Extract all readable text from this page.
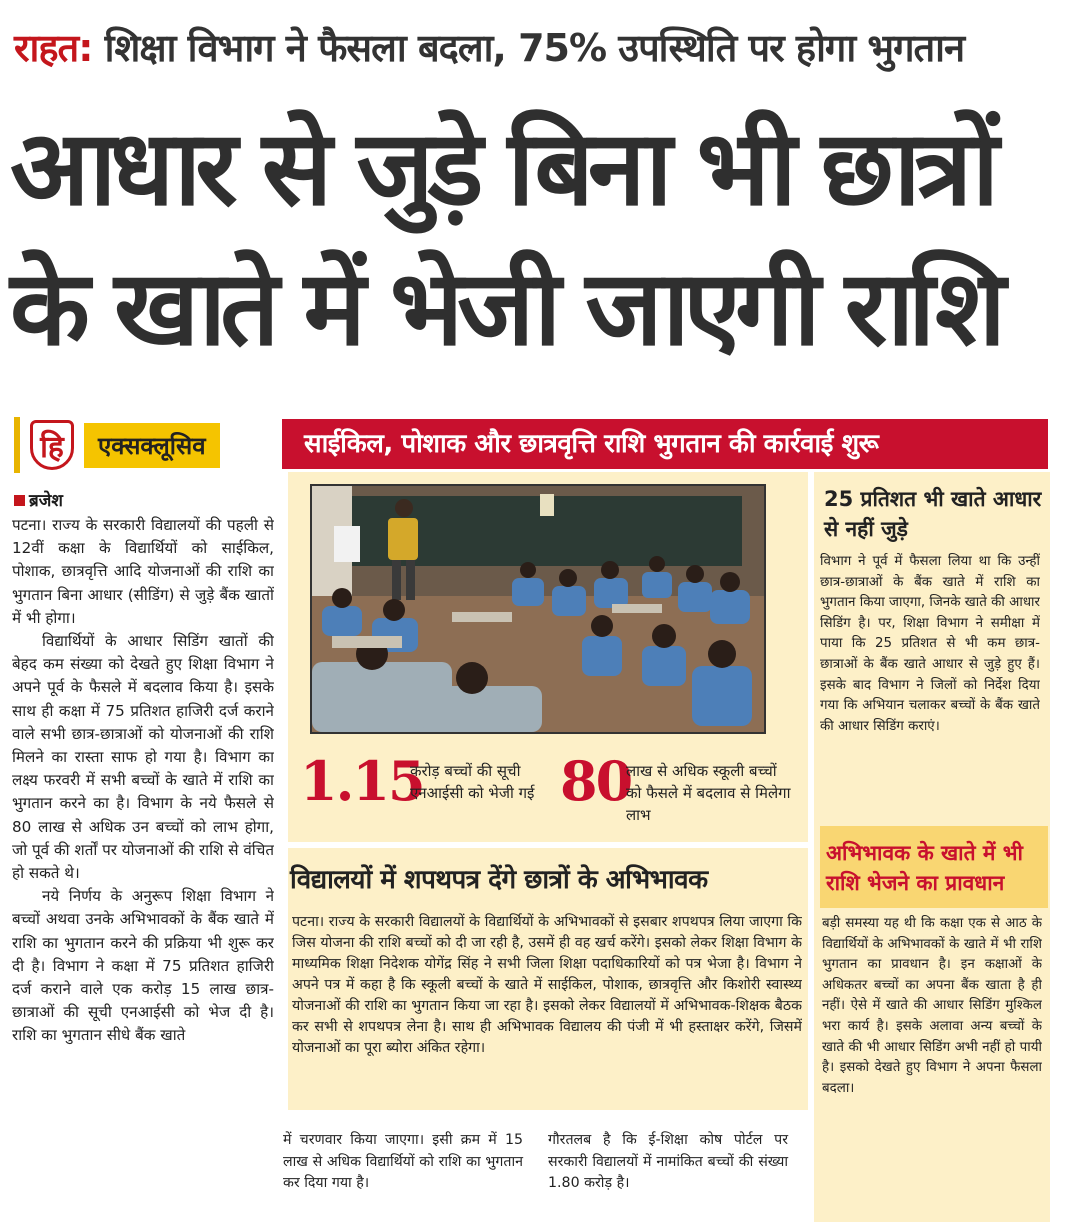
राहत: शिक्षा विभाग ने फैसला बदला, 75% उपस्थिति पर होगा भुगतान
आधार से जुड़े बिना भी छात्रों
के खाते में भेजी जाएगी राशि
हि	एक्सक्लूसिव
ब्रजेश

पटना। राज्य के सरकारी विद्यालयों की पहली से 12वीं कक्षा के विद्यार्थियों को साईकिल, पोशाक, छात्रवृत्ति आदि योजनाओं की राशि का भुगतान बिना आधार (सीडिंग) से जुड़े बैंक खातों में भी होगा।

विद्यार्थियों के आधार सिडिंग खातों की बेहद कम संख्या को देखते हुए शिक्षा विभाग ने अपने पूर्व के फैसले में बदलाव किया है। इसके साथ ही कक्षा में 75 प्रतिशत हाजिरी दर्ज कराने वाले सभी छात्र-छात्राओं को योजनाओं की राशि मिलने का रास्ता साफ हो गया है। विभाग का लक्ष्य फरवरी में सभी बच्चों के खाते में राशि का भुगतान करने का है। विभाग के नये फैसले से 80 लाख से अधिक उन बच्चों को लाभ होगा, जो पूर्व की शर्तों पर योजनाओं की राशि से वंचित हो सकते थे।

नये निर्णय के अनुरूप शिक्षा विभाग ने बच्चों अथवा उनके अभिभावकों के बैंक खाते में राशि का भुगतान करने की प्रक्रिया भी शुरू कर दी है। विभाग ने कक्षा में 75 प्रतिशत हाजिरी दर्ज कराने वाले एक करोड़ 15 लाख छात्र-छात्राओं की सूची एनआईसी को भेज दी है। राशि का भुगतान सीधे बैंक खाते

साईकिल, पोशाक और छात्रवृत्ति राशि भुगतान की कार्रवाई शुरू
1.15
करोड़ बच्चों की सूची एनआईसी को भेजी गई 80
लाख से अधिक स्कूली बच्चों को फैसले में बदलाव से मिलेगा लाभ
विद्यालयों में शपथपत्र देंगे छात्रों के अभिभावक

पटना। राज्य के सरकारी विद्यालयों के विद्यार्थियों के अभिभावकों से इसबार शपथपत्र लिया जाएगा कि जिस योजना की राशि बच्चों को दी जा रही है, उसमें ही वह खर्च करेंगे। इसको लेकर शिक्षा विभाग के माध्यमिक शिक्षा निदेशक योगेंद्र सिंह ने सभी जिला शिक्षा पदाधिकारियों को पत्र भेजा है। विभाग ने अपने पत्र में कहा है कि स्कूली बच्चों के खाते में साईकिल, पोशाक, छात्रवृत्ति और किशोरी स्वास्थ्य योजनाओं की राशि का भुगतान किया जा रहा है। इसको लेकर विद्यालयों में अभिभावक-शिक्षक बैठक कर सभी से शपथपत्र लेना है। साथ ही अभिभावक विद्यालय की पंजी में भी हस्ताक्षर करेंगे, जिसमें योजनाओं का पूरा ब्योरा अंकित रहेगा।

में चरणवार किया जाएगा। इसी क्रम में 15 लाख से अधिक विद्यार्थियों को राशि का भुगतान कर दिया गया है।

गौरतलब है कि ई-शिक्षा कोष पोर्टल पर सरकारी विद्यालयों में नामांकित बच्चों की संख्या 1.80 करोड़ है।

25 प्रतिशत भी खाते आधार से नहीं जुड़े

विभाग ने पूर्व में फैसला लिया था कि उन्हीं छात्र-छात्राओं के बैंक खाते में राशि का भुगतान किया जाएगा, जिनके खाते की आधार सिडिंग है। पर, शिक्षा विभाग ने समीक्षा में पाया कि 25 प्रतिशत से भी कम छात्र-छात्राओं के बैंक खाते आधार से जुड़े हुए हैं। इसके बाद विभाग ने जिलों को निर्देश दिया गया कि अभियान चलाकर बच्चों के बैंक खाते की आधार सिडिंग कराएं।

अभिभावक के खाते में भी राशि भेजने का प्रावधान

बड़ी समस्या यह थी कि कक्षा एक से आठ के विद्यार्थियों के अभिभावकों के खाते में भी राशि भुगतान का प्रावधान है। इन कक्षाओं के अधिकतर बच्चों का अपना बैंक खाता है ही नहीं। ऐसे में खाते की आधार सिडिंग मुश्किल भरा कार्य है। इसके अलावा अन्य बच्चों के खाते की भी आधार सिडिंग अभी नहीं हो पायी है। इसको देखते हुए विभाग ने अपना फैसला बदला।
